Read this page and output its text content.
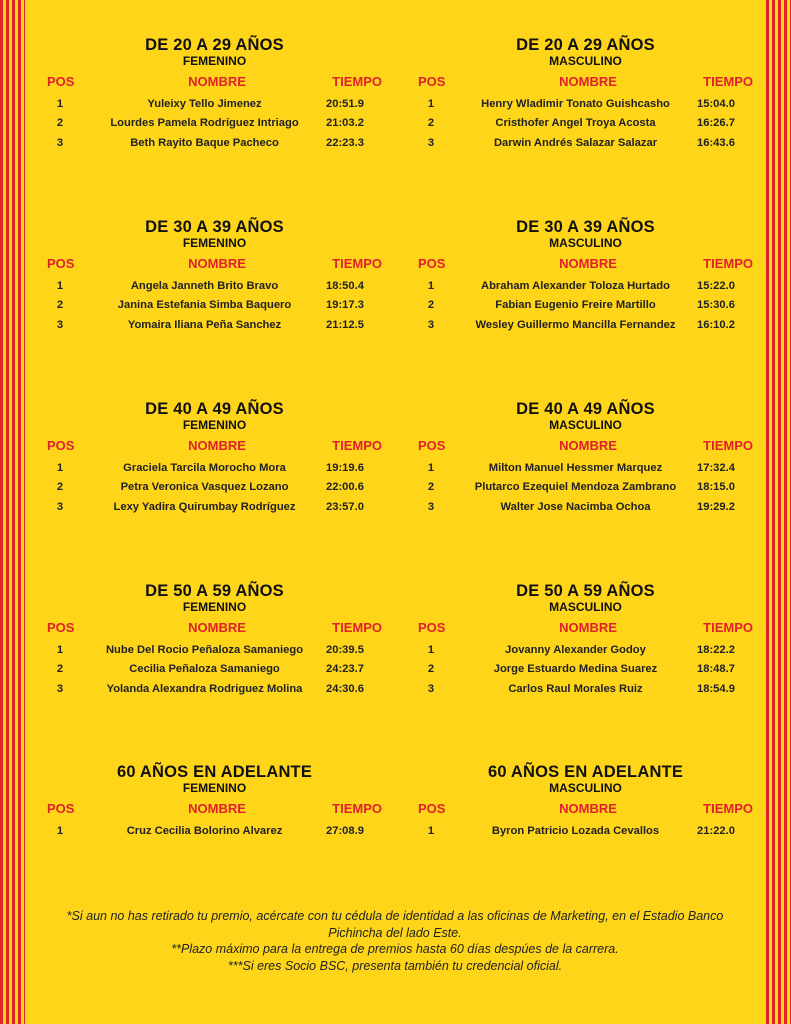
DE 20 A 29 AÑOS
FEMENINO
POS	NOMBRE	TIEMPO
1	Yuleixy Tello Jimenez	20:51.9
2	Lourdes Pamela Rodríguez Intriago	21:03.2
3	Beth Rayito Baque Pacheco	22:23.3
DE 20 A 29 AÑOS
MASCULINO
POS	NOMBRE	TIEMPO
1	Henry Wladimir Tonato Guishcasho	15:04.0
2	Cristhofer Angel Troya Acosta	16:26.7
3	Darwin Andrés Salazar Salazar	16:43.6
DE 30 A 39 AÑOS
FEMENINO
POS	NOMBRE	TIEMPO
1	Angela Janneth Brito Bravo	18:50.4
2	Janina Estefania Simba Baquero	19:17.3
3	Yomaira Iliana Peña Sanchez	21:12.5
DE 30 A 39 AÑOS
MASCULINO
POS	NOMBRE	TIEMPO
1	Abraham Alexander Toloza Hurtado	15:22.0
2	Fabian Eugenio Freire Martillo	15:30.6
3	Wesley Guillermo Mancilla Fernandez	16:10.2
DE 40 A 49 AÑOS
FEMENINO
POS	NOMBRE	TIEMPO
1	Graciela Tarcila Morocho Mora	19:19.6
2	Petra Veronica Vasquez Lozano	22:00.6
3	Lexy Yadira Quirumbay Rodríguez	23:57.0
DE 40 A 49 AÑOS
MASCULINO
POS	NOMBRE	TIEMPO
1	Milton Manuel Hessmer Marquez	17:32.4
2	Plutarco Ezequiel Mendoza Zambrano	18:15.0
3	Walter Jose Nacimba Ochoa	19:29.2
DE 50 A 59 AÑOS
FEMENINO
POS	NOMBRE	TIEMPO
1	Nube Del Rocio Peñaloza Samaniego	20:39.5
2	Cecilia Peñaloza Samaniego	24:23.7
3	Yolanda Alexandra Rodriguez Molina	24:30.6
DE 50 A 59 AÑOS
MASCULINO
POS	NOMBRE	TIEMPO
1	Jovanny Alexander Godoy	18:22.2
2	Jorge Estuardo Medina Suarez	18:48.7
3	Carlos Raul Morales Ruiz	18:54.9
60 AÑOS EN ADELANTE
FEMENINO
POS	NOMBRE	TIEMPO
1	Cruz Cecilia Bolorino Alvarez	27:08.9
60 AÑOS EN ADELANTE
MASCULINO
POS	NOMBRE	TIEMPO
1	Byron Patricio Lozada Cevallos	21:22.0
*Si aun no has retirado tu premio, acércate con tu cédula de identidad a las oficinas de Marketing, en el Estadio Banco Pichincha del lado Este.
**Plazo máximo para la entrega de premios hasta 60 días despúes de la carrera.
***Si eres Socio BSC, presenta también tu credencial oficial.
